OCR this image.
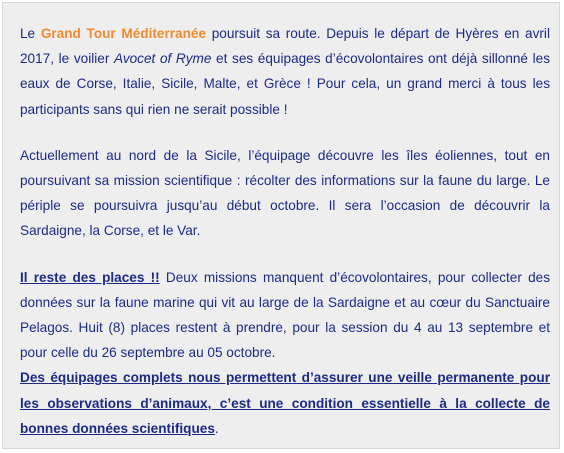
Le Grand Tour Méditerranée poursuit sa route. Depuis le départ de Hyères en avril 2017, le voilier Avocet of Ryme et ses équipages d’écovolontaires ont déjà sillonné les eaux de Corse, Italie, Sicile, Malte, et Grèce ! Pour cela, un grand merci à tous les participants sans qui rien ne serait possible !

Actuellement au nord de la Sicile, l’équipage découvre les îles éoliennes, tout en poursuivant sa mission scientifique : récolter des informations sur la faune du large. Le périple se poursuivra jusqu’au début octobre. Il sera l’occasion de découvrir la Sardaigne, la Corse, et le Var.

Il reste des places !! Deux missions manquent d’écovolontaires, pour collecter des données sur la faune marine qui vit au large de la Sardaigne et au cœur du Sanctuaire Pelagos. Huit (8) places restent à prendre, pour la session du 4 au 13 septembre et pour celle du 26 septembre au 05 octobre.
Des équipages complets nous permettent d’assurer une veille permanente pour les observations d’animaux, c’est une condition essentielle à la collecte de bonnes données scientifiques.
